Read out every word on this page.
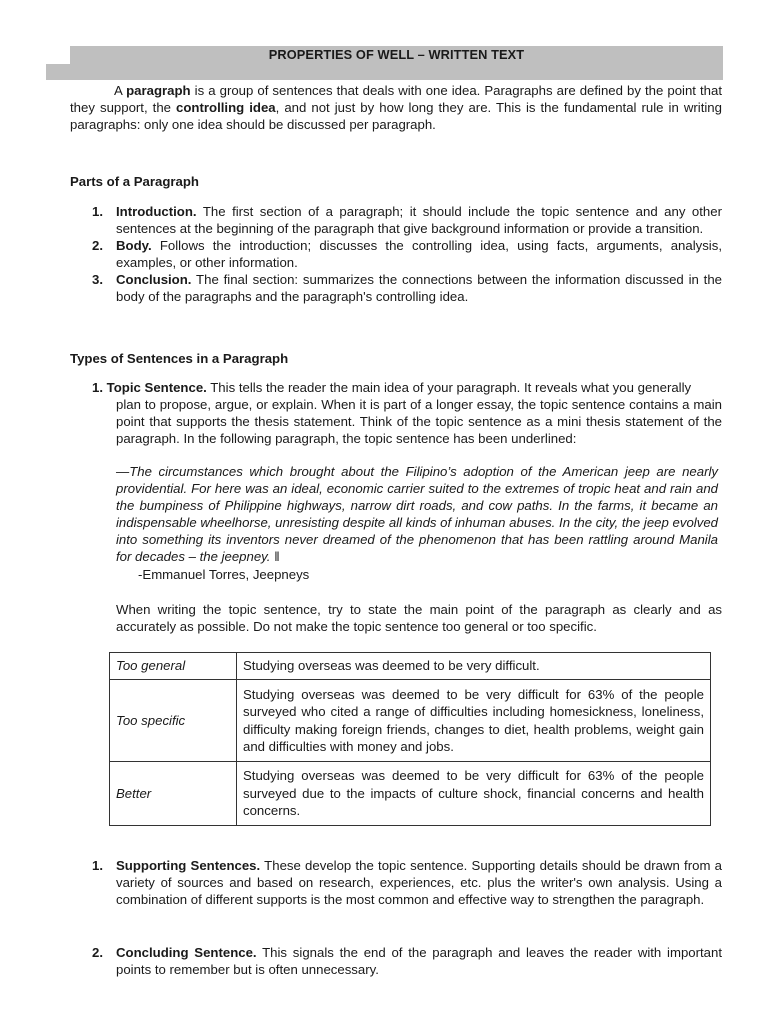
PROPERTIES OF WELL – WRITTEN TEXT
A paragraph is a group of sentences that deals with one idea. Paragraphs are defined by the point that they support, the controlling idea, and not just by how long they are. This is the fundamental rule in writing paragraphs: only one idea should be discussed per paragraph.
Parts of a Paragraph
1. Introduction. The first section of a paragraph; it should include the topic sentence and any other sentences at the beginning of the paragraph that give background information or provide a transition.
2. Body. Follows the introduction; discusses the controlling idea, using facts, arguments, analysis, examples, or other information.
3. Conclusion. The final section: summarizes the connections between the information discussed in the body of the paragraphs and the paragraph's controlling idea.
Types of Sentences in a Paragraph
1. Topic Sentence. This tells the reader the main idea of your paragraph. It reveals what you generally
plan to propose, argue, or explain. When it is part of a longer essay, the topic sentence contains a main point that supports the thesis statement. Think of the topic sentence as a mini thesis statement of the paragraph. In the following paragraph, the topic sentence has been underlined:
―The circumstances which brought about the Filipino’s adoption of the American jeep are nearly providential. For here was an ideal, economic carrier suited to the extremes of tropic heat and rain and the bumpiness of Philippine highways, narrow dirt roads, and cow paths. In the farms, it became an indispensable wheelhorse, unresisting despite all kinds of inhuman abuses. In the city, the jeep evolved into something its inventors never dreamed of the phenomenon that has been rattling around Manila for decades – the jeepney. ‖
-Emmanuel Torres, Jeepneys
When writing the topic sentence, try to state the main point of the paragraph as clearly and as accurately as possible. Do not make the topic sentence too general or too specific.
Too general	Studying overseas was deemed to be very difficult.
Too specific	Studying overseas was deemed to be very difficult for 63% of the people surveyed who cited a range of difficulties including homesickness, loneliness, difficulty making foreign friends, changes to diet, health problems, weight gain and difficulties with money and jobs.
Better	Studying overseas was deemed to be very difficult for 63% of the people surveyed due to the impacts of culture shock, financial concerns and health concerns.
1. Supporting Sentences. These develop the topic sentence. Supporting details should be drawn from a variety of sources and based on research, experiences, etc. plus the writer's own analysis. Using a combination of different supports is the most common and effective way to strengthen the paragraph.
2. Concluding Sentence. This signals the end of the paragraph and leaves the reader with important points to remember but is often unnecessary.
